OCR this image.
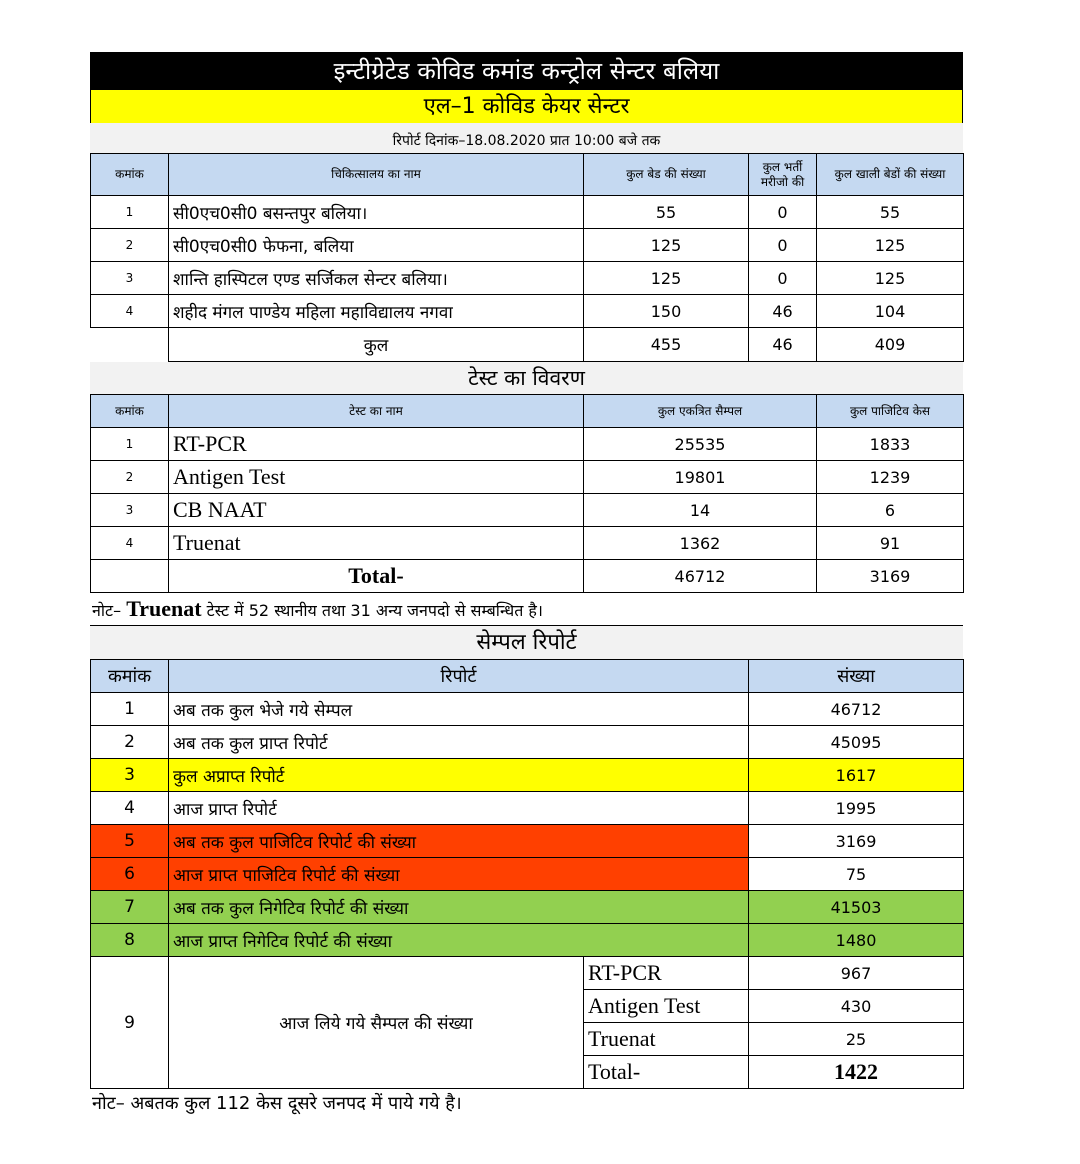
इन्टीग्रेटेड कोविड कमांड कन्ट्रोल सेन्टर बलिया
एल–1 कोविड केयर सेन्टर
रिपोर्ट दिनांक–18.08.2020 प्रात 10:00 बजे तक
कमांक	चिकित्सालय का नाम	कुल बेड की संख्या	कुल भर्ती मरीजो की	कुल खाली बेडों की संख्या
1	सी0एच0सी0 बसन्तपुर बलिया।	55	0	55
2	सी0एच0सी0 फेफना, बलिया	125	0	125
3	शान्ति हास्पिटल एण्ड सर्जिकल सेन्टर बलिया।	125	0	125
4	शहीद मंगल पाण्डेय महिला महाविद्यालय नगवा	150	46	104
	कुल	455	46	409
टेस्ट का विवरण
कमांक	टेस्ट का नाम	कुल एकत्रित सैम्पल	कुल पाजिटिव केस
1	RT-PCR	25535	1833
2	Antigen Test	19801	1239
3	CB NAAT	14	6
4	Truenat	1362	91
	Total-	46712	3169
नोट– Truenat टेस्ट में 52 स्थानीय तथा 31 अन्य जनपदो से सम्बन्धित है।
सेम्पल रिपोर्ट
कमांक	रिपोर्ट		संख्या
1	अब तक कुल भेजे गये सेम्पल		46712
2	अब तक कुल प्राप्त रिपोर्ट		45095
3	कुल अप्राप्त रिपोर्ट		1617
4	आज प्राप्त रिपोर्ट		1995
5	अब तक कुल पाजिटिव रिपोर्ट की संख्या		3169
6	आज प्राप्त पाजिटिव रिपोर्ट की संख्या		75
7	अब तक कुल निगेटिव रिपोर्ट की संख्या		41503
8	आज प्राप्त निगेटिव रिपोर्ट की संख्या		1480
9	आज लिये गये सैम्पल की संख्या	RT-PCR	967
		Antigen Test	430
		Truenat	25
		Total-	1422
नोट– अबतक कुल 112 केस दूसरे जनपद में पाये गये है।
